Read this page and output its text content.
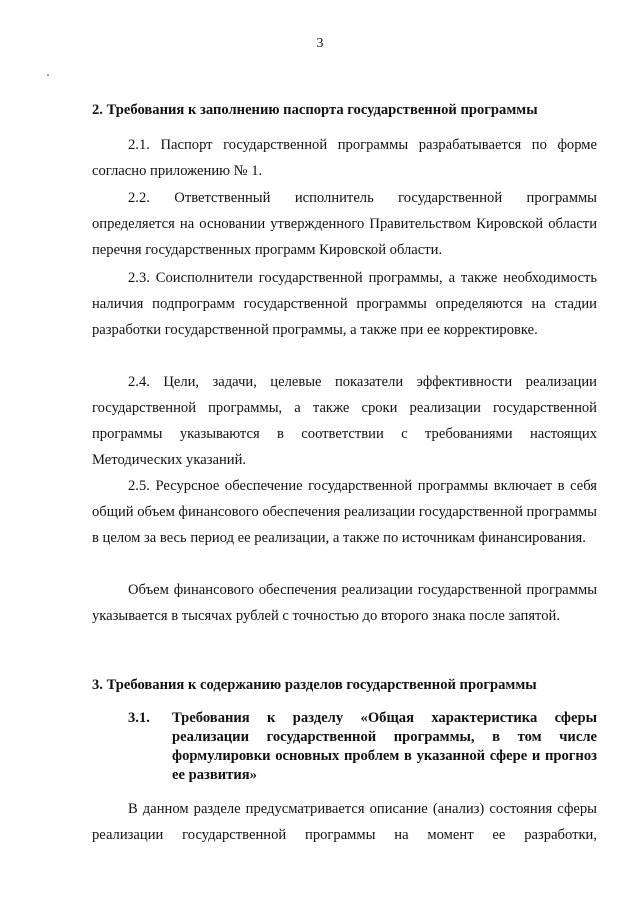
3

2. Требования к заполнению паспорта государственной программы

2.1. Паспорт государственной программы разрабатывается по форме согласно приложению № 1.

2.2. Ответственный исполнитель государственной программы определяется на основании утвержденного Правительством Кировской области перечня государственных программ Кировской области.

2.3. Соисполнители государственной программы, а также необходимость наличия подпрограмм государственной программы определяются на стадии разработки государственной программы, а также при ее корректировке.

2.4. Цели, задачи, целевые показатели эффективности реализации государственной программы, а также сроки реализации государственной программы указываются в соответствии с требованиями настоящих Методических указаний.

2.5. Ресурсное обеспечение государственной программы включает в себя общий объем финансового обеспечения реализации государственной программы в целом за весь период ее реализации, а также по источникам финансирования.

Объем финансового обеспечения реализации государственной программы указывается в тысячах рублей с точностью до второго знака после запятой.

3. Требования к содержанию разделов государственной программы

3.1. Требования к разделу «Общая характеристика сферы реализации государственной программы, в том числе формулировки основных проблем в указанной сфере и прогноз ее развития»

В данном разделе предусматривается описание (анализ) состояния сферы реализации государственной программы на момент ее разработки,
